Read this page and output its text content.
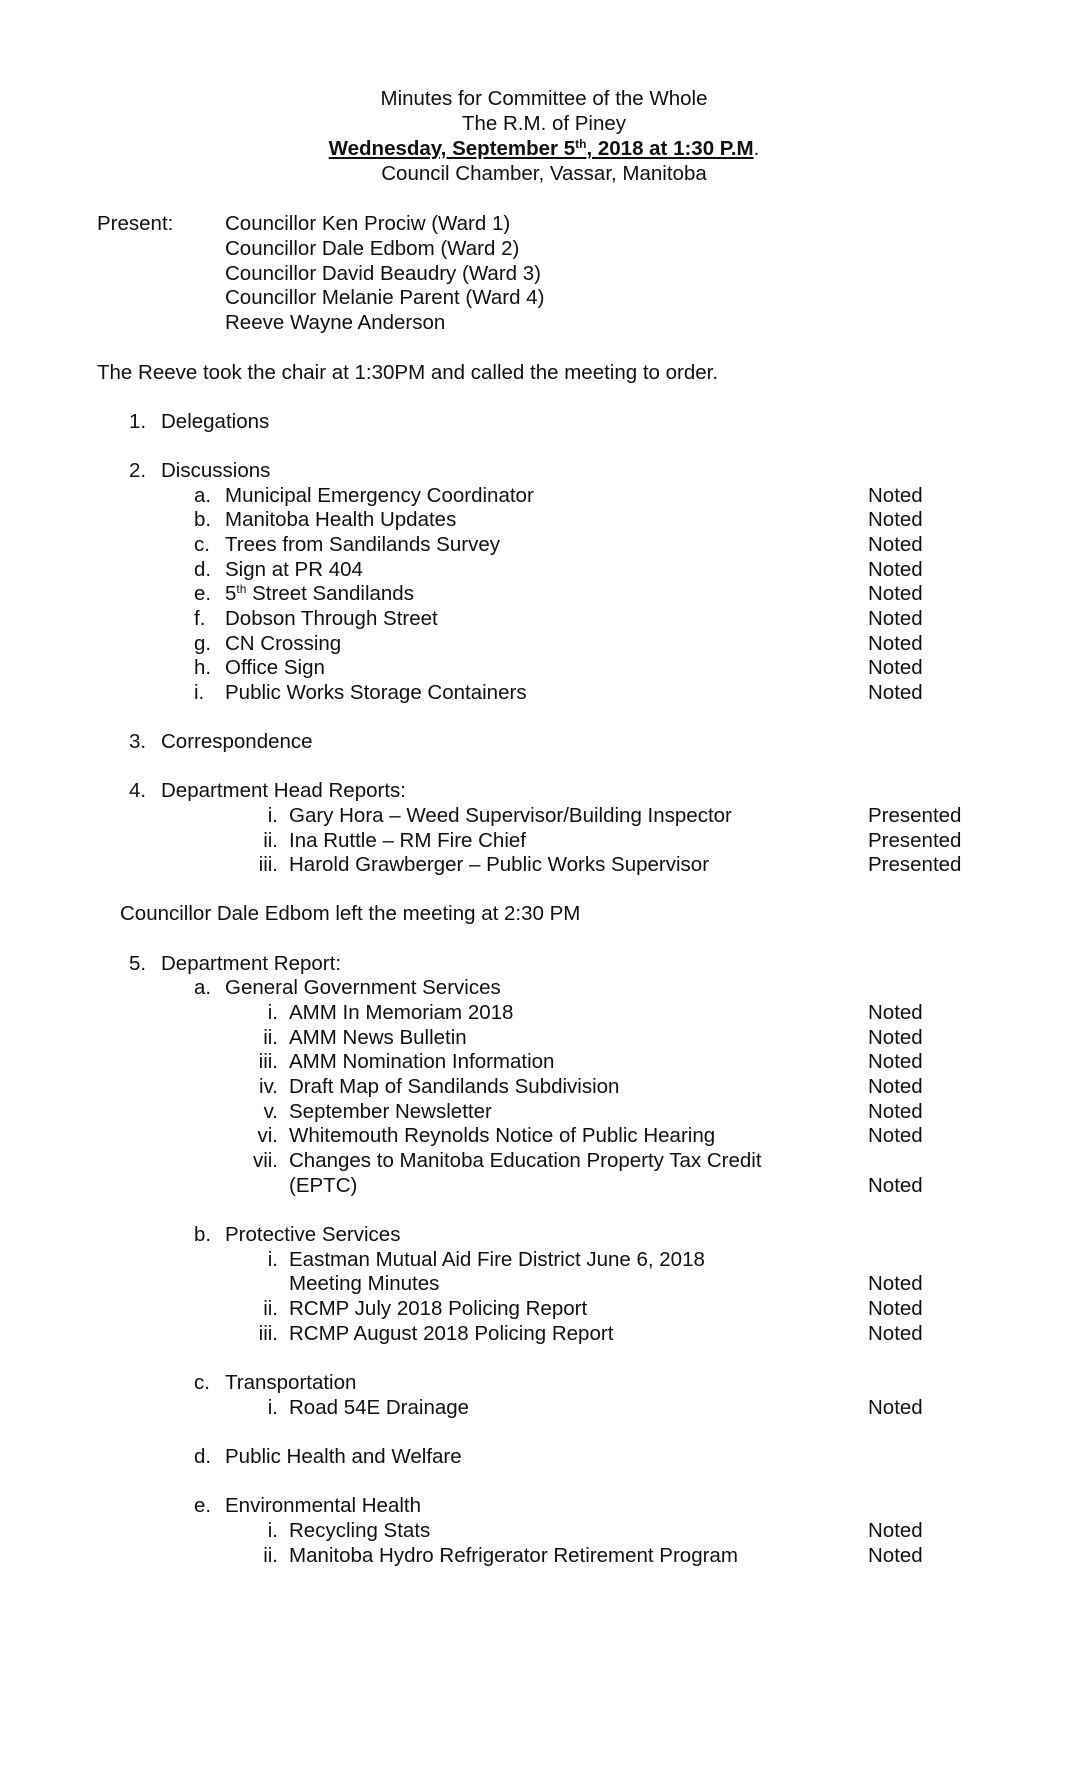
Minutes for Committee of the Whole
The R.M. of Piney
Wednesday, September 5th, 2018 at 1:30 P.M.
Council Chamber, Vassar, Manitoba
Present:	Councillor Ken Prociw (Ward 1)
Councillor Dale Edbom (Ward 2)
Councillor David Beaudry (Ward 3)
Councillor Melanie Parent (Ward 4)
Reeve Wayne Anderson
The Reeve took the chair at 1:30PM and called the meeting to order.
1. Delegations
2. Discussions
a. Municipal Emergency Coordinator	Noted
b. Manitoba Health Updates	Noted
c. Trees from Sandilands Survey	Noted
d. Sign at PR 404	Noted
e. 5th Street Sandilands	Noted
f. Dobson Through Street	Noted
g. CN Crossing	Noted
h. Office Sign	Noted
i. Public Works Storage Containers	Noted
3. Correspondence
4. Department Head Reports:
i. Gary Hora – Weed Supervisor/Building Inspector	Presented
ii. Ina Ruttle – RM Fire Chief	Presented
iii. Harold Grawberger – Public Works Supervisor	Presented
Councillor Dale Edbom left the meeting at 2:30 PM
5. Department Report:
a. General Government Services
i. AMM In Memoriam 2018	Noted
ii. AMM News Bulletin	Noted
iii. AMM Nomination Information	Noted
iv. Draft Map of Sandilands Subdivision	Noted
v. September Newsletter	Noted
vi. Whitemouth Reynolds Notice of Public Hearing	Noted
vii. Changes to Manitoba Education Property Tax Credit
(EPTC)	Noted
b. Protective Services
i. Eastman Mutual Aid Fire District June 6, 2018
Meeting Minutes	Noted
ii. RCMP July 2018 Policing Report	Noted
iii. RCMP August 2018 Policing Report	Noted
c. Transportation
i. Road 54E Drainage	Noted
d. Public Health and Welfare
e. Environmental Health
i. Recycling Stats	Noted
ii. Manitoba Hydro Refrigerator Retirement Program	Noted
